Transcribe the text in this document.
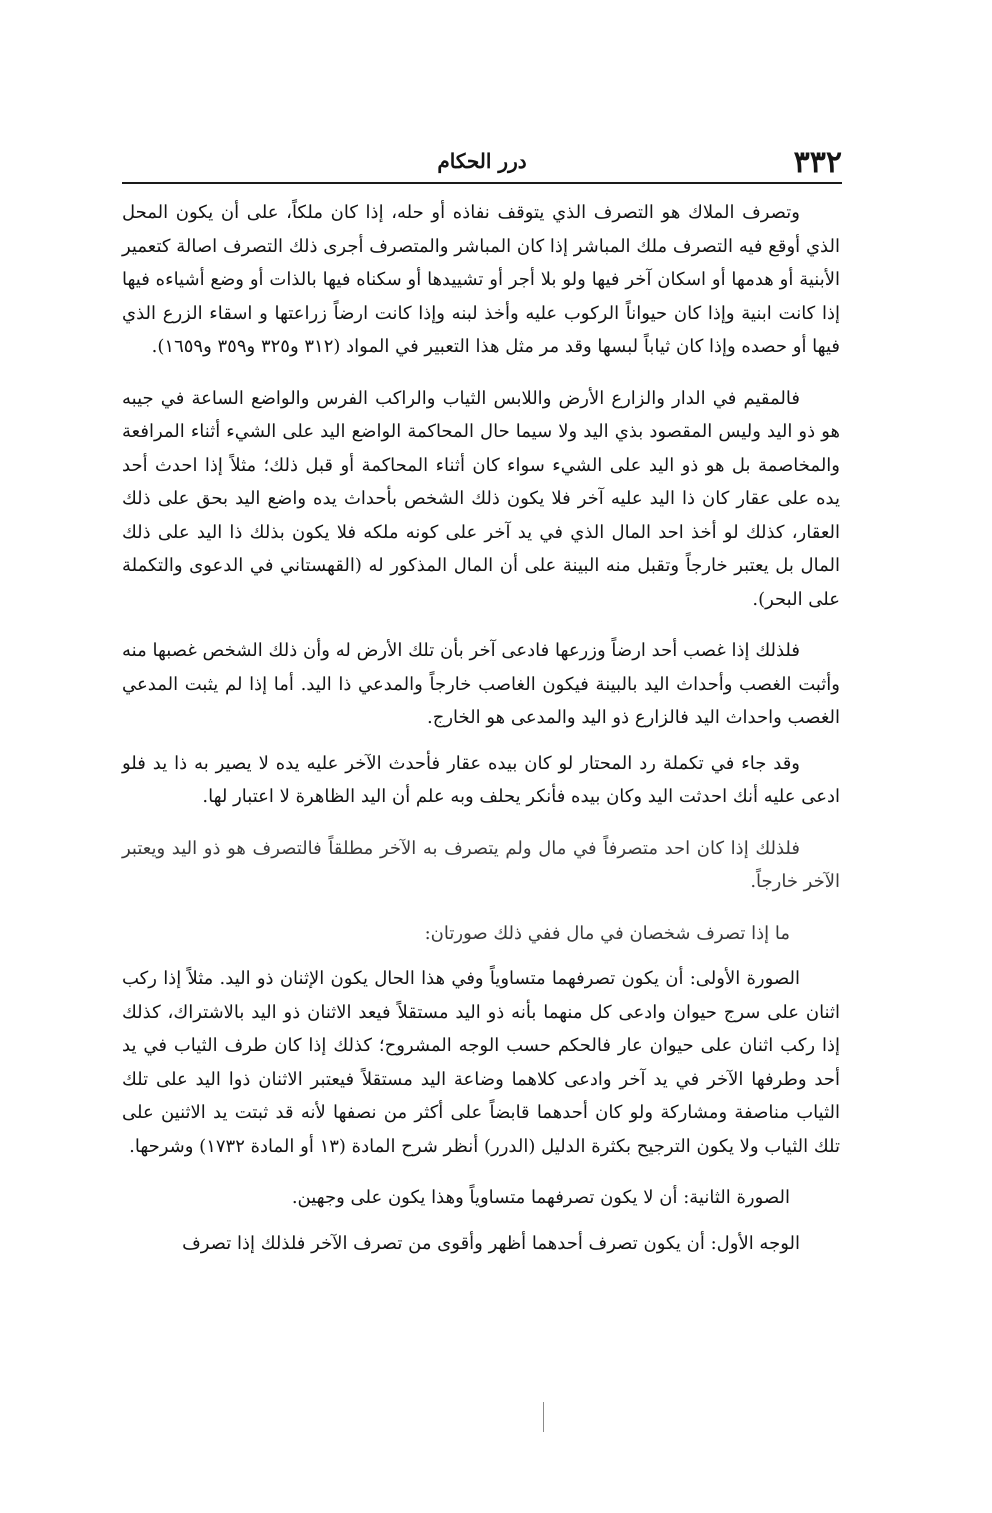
٣٣٢
درر الحكام

وتصرف الملاك هو التصرف الذي يتوقف نفاذه أو حله، إذا كان ملكاً، على أن يكون المحل الذي أوقع فيه التصرف ملك المباشر إذا كان المباشر والمتصرف أجرى ذلك التصرف اصالة كتعمير الأبنية أو هدمها أو اسكان آخر فيها ولو بلا أجر أو تشييدها أو سكناه فيها بالذات أو وضع أشياءه فيها إذا كانت ابنية وإذا كان حيواناً الركوب عليه وأخذ لبنه وإذا كانت ارضاً زراعتها و اسقاء الزرع الذي فيها أو حصده وإذا كان ثياباً لبسها وقد مر مثل هذا التعبير في المواد (٣١٢ و٣٢٥ و٣٥٩ و١٦٥٩).

فالمقيم في الدار والزارع الأرض واللابس الثياب والراكب الفرس والواضع الساعة في جيبه هو ذو اليد وليس المقصود بذي اليد ولا سيما حال المحاكمة الواضع اليد على الشيء أثناء المرافعة والمخاصمة بل هو ذو اليد على الشيء سواء كان أثناء المحاكمة أو قبل ذلك؛ مثلاً إذا احدث أحد يده على عقار كان ذا اليد عليه آخر فلا يكون ذلك الشخص بأحداث يده واضع اليد بحق على ذلك العقار، كذلك لو أخذ احد المال الذي في يد آخر على كونه ملكه فلا يكون بذلك ذا اليد على ذلك المال بل يعتبر خارجاً وتقبل منه البينة على أن المال المذكور له (القهستاني في الدعوى والتكملة على البحر).

فلذلك إذا غصب أحد ارضاً وزرعها فادعى آخر بأن تلك الأرض له وأن ذلك الشخص غصبها منه وأثبت الغصب وأحداث اليد بالبينة فيكون الغاصب خارجاً والمدعي ذا اليد. أما إذا لم يثبت المدعي الغصب واحداث اليد فالزارع ذو اليد والمدعى هو الخارج.

وقد جاء في تكملة رد المحتار لو كان بيده عقار فأحدث الآخر عليه يده لا يصير به ذا يد فلو ادعى عليه أنك احدثت اليد وكان بيده فأنكر يحلف وبه علم أن اليد الظاهرة لا اعتبار لها.

فلذلك إذا كان احد متصرفاً في مال ولم يتصرف به الآخر مطلقاً فالتصرف هو ذو اليد ويعتبر الآخر خارجاً.

ما إذا تصرف شخصان في مال ففي ذلك صورتان:

الصورة الأولى: أن يكون تصرفهما متساوياً وفي هذا الحال يكون الإثنان ذو اليد. مثلاً إذا ركب اثنان على سرج حيوان وادعى كل منهما بأنه ذو اليد مستقلاً فيعد الاثنان ذو اليد بالاشتراك، كذلك إذا ركب اثنان على حيوان عار فالحكم حسب الوجه المشروح؛ كذلك إذا كان طرف الثياب في يد أحد وطرفها الآخر في يد آخر وادعى كلاهما وضاعة اليد مستقلاً فيعتبر الاثنان ذوا اليد على تلك الثياب مناصفة ومشاركة ولو كان أحدهما قابضاً على أكثر من نصفها لأنه قد ثبتت يد الاثنين على تلك الثياب ولا يكون الترجيح بكثرة الدليل (الدرر) أنظر شرح المادة (١٣ أو المادة ١٧٣٢) وشرحها.

الصورة الثانية: أن لا يكون تصرفهما متساوياً وهذا يكون على وجهين.

الوجه الأول: أن يكون تصرف أحدهما أظهر وأقوى من تصرف الآخر فلذلك إذا تصرف
